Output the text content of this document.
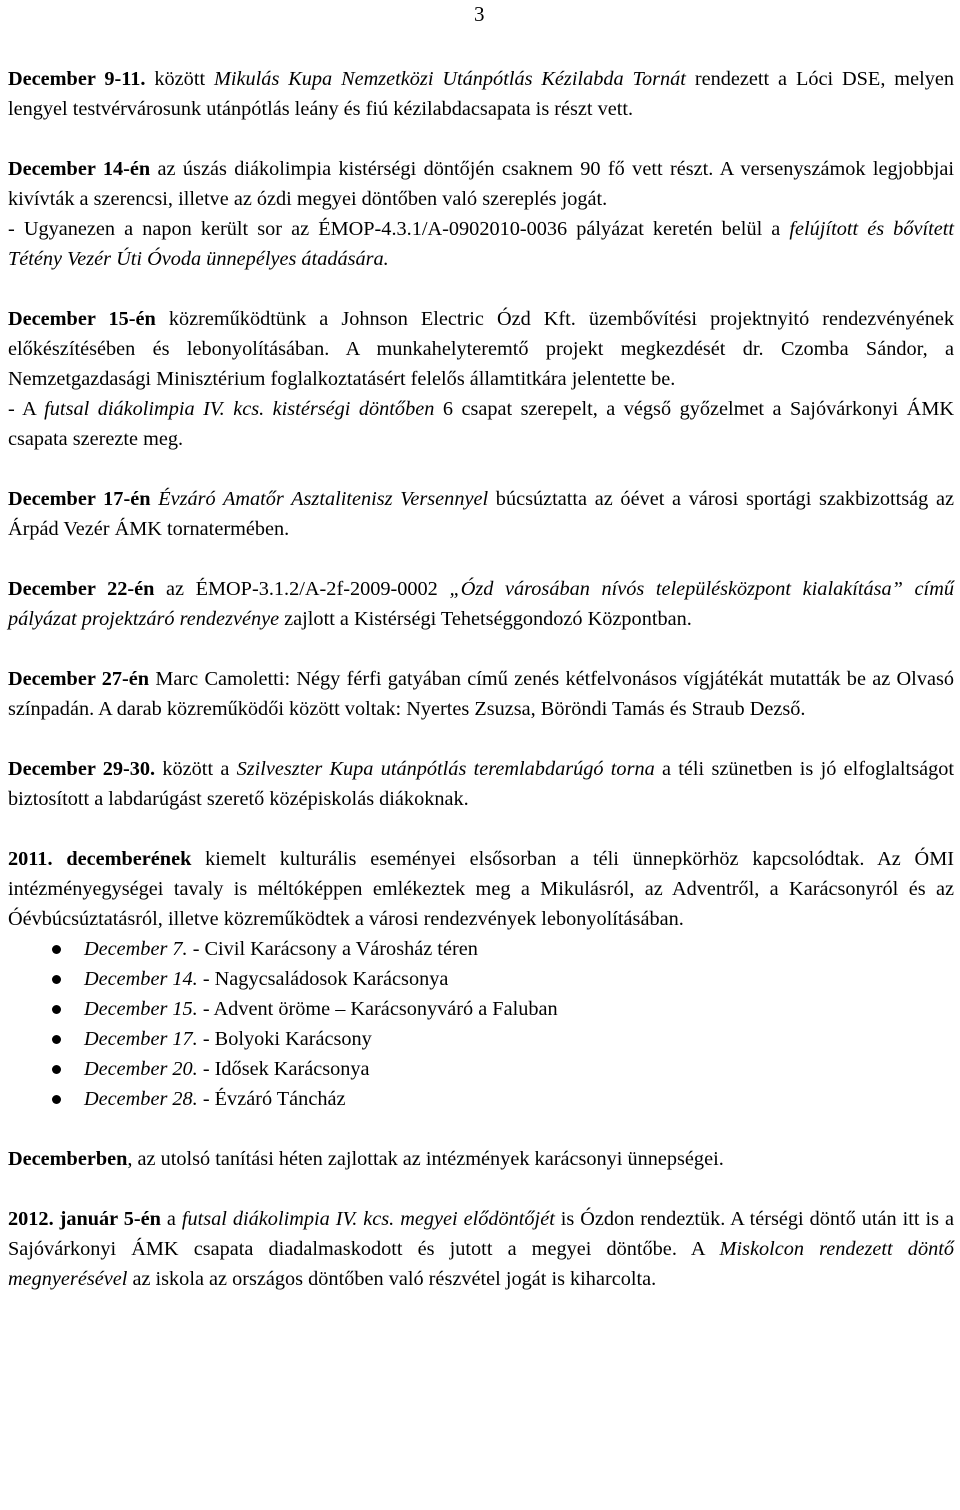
3

December 9-11. között Mikulás Kupa Nemzetközi Utánpótlás Kézilabda Tornát rendezett a Lóci DSE, melyen lengyel testvérvárosunk utánpótlás leány és fiú kézilabdacsapata is részt vett.

December 14-én az úszás diákolimpia kistérségi döntőjén csaknem 90 fő vett részt. A versenyszámok legjobbjai kivívták a szerencsi, illetve az ózdi megyei döntőben való szereplés jogát.

- Ugyanezen a napon került sor az ÉMOP-4.3.1/A-0902010-0036 pályázat keretén belül a felújított és bővített Tétény Vezér Úti Óvoda ünnepélyes átadására.

December 15-én közreműködtünk a Johnson Electric Ózd Kft. üzembővítési projektnyitó rendezvényének előkészítésében és lebonyolításában. A munkahelyteremtő projekt megkezdését dr. Czomba Sándor, a Nemzetgazdasági Minisztérium foglalkoztatásért felelős államtitkára jelentette be.

- A futsal diákolimpia IV. kcs. kistérségi döntőben 6 csapat szerepelt, a végső győzelmet a Sajóvárkonyi ÁMK csapata szerezte meg.

December 17-én Évzáró Amatőr Asztalitenisz Versennyel búcsúztatta az óévet a városi sportági szakbizottság az Árpád Vezér ÁMK tornatermében.

December 22-én az ÉMOP-3.1.2/A-2f-2009-0002 „Ózd városában nívós településközpont kialakítása” című pályázat projektzáró rendezvénye zajlott a Kistérségi Tehetséggondozó Központban.

December 27-én Marc Camoletti: Négy férfi gatyában című zenés kétfelvonásos vígjátékát mutatták be az Olvasó színpadán. A darab közreműködői között voltak: Nyertes Zsuzsa, Böröndi Tamás és Straub Dezső.

December 29-30. között a Szilveszter Kupa utánpótlás teremlabdarúgó torna a téli szünetben is jó elfoglaltságot biztosított a labdarúgást szerető középiskolás diákoknak.

2011. decemberének kiemelt kulturális eseményei elsősorban a téli ünnepkörhöz kapcsolódtak. Az ÓMI intézményegységei tavaly is méltóképpen emlékeztek meg a Mikulásról, az Adventről, a Karácsonyról és az Óévbúcsúztatásról, illetve közreműködtek a városi rendezvények lebonyolításában.

December 7. - Civil Karácsony a Városház téren
December 14. - Nagycsaládosok Karácsonya
December 15. - Advent öröme – Karácsonyváró a Faluban
December 17. - Bolyoki Karácsony
December 20. - Idősek Karácsonya
December 28. - Évzáró Táncház

Decemberben, az utolsó tanítási héten zajlottak az intézmények karácsonyi ünnepségei.

2012. január 5-én a futsal diákolimpia IV. kcs. megyei elődöntőjét is Ózdon rendeztük. A térségi döntő után itt is a Sajóvárkonyi ÁMK csapata diadalmaskodott és jutott a megyei döntőbe. A Miskolcon rendezett döntő megnyerésével az iskola az országos döntőben való részvétel jogát is kiharcolta.
